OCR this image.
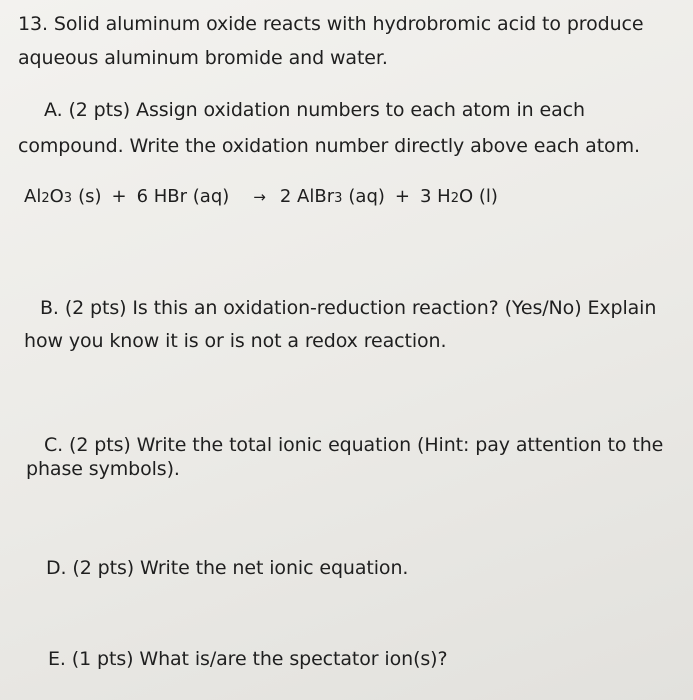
13. Solid aluminum oxide reacts with hydrobromic acid to produce
aqueous aluminum bromide and water.
A. (2 pts) Assign oxidation numbers to each atom in each
compound. Write the oxidation number directly above each atom.
Al 2 O 3 (s) + 6 HBr (aq) → 2 AlBr 3 (aq) + 3 H 2 O (l)
B. (2 pts) Is this an oxidation-reduction reaction? (Yes/No) Explain
how you know it is or is not a redox reaction.
C. (2 pts) Write the total ionic equation (Hint: pay attention to the
phase symbols).
D. (2 pts) Write the net ionic equation.
E. (1 pts) What is/are the spectator ion(s)?
